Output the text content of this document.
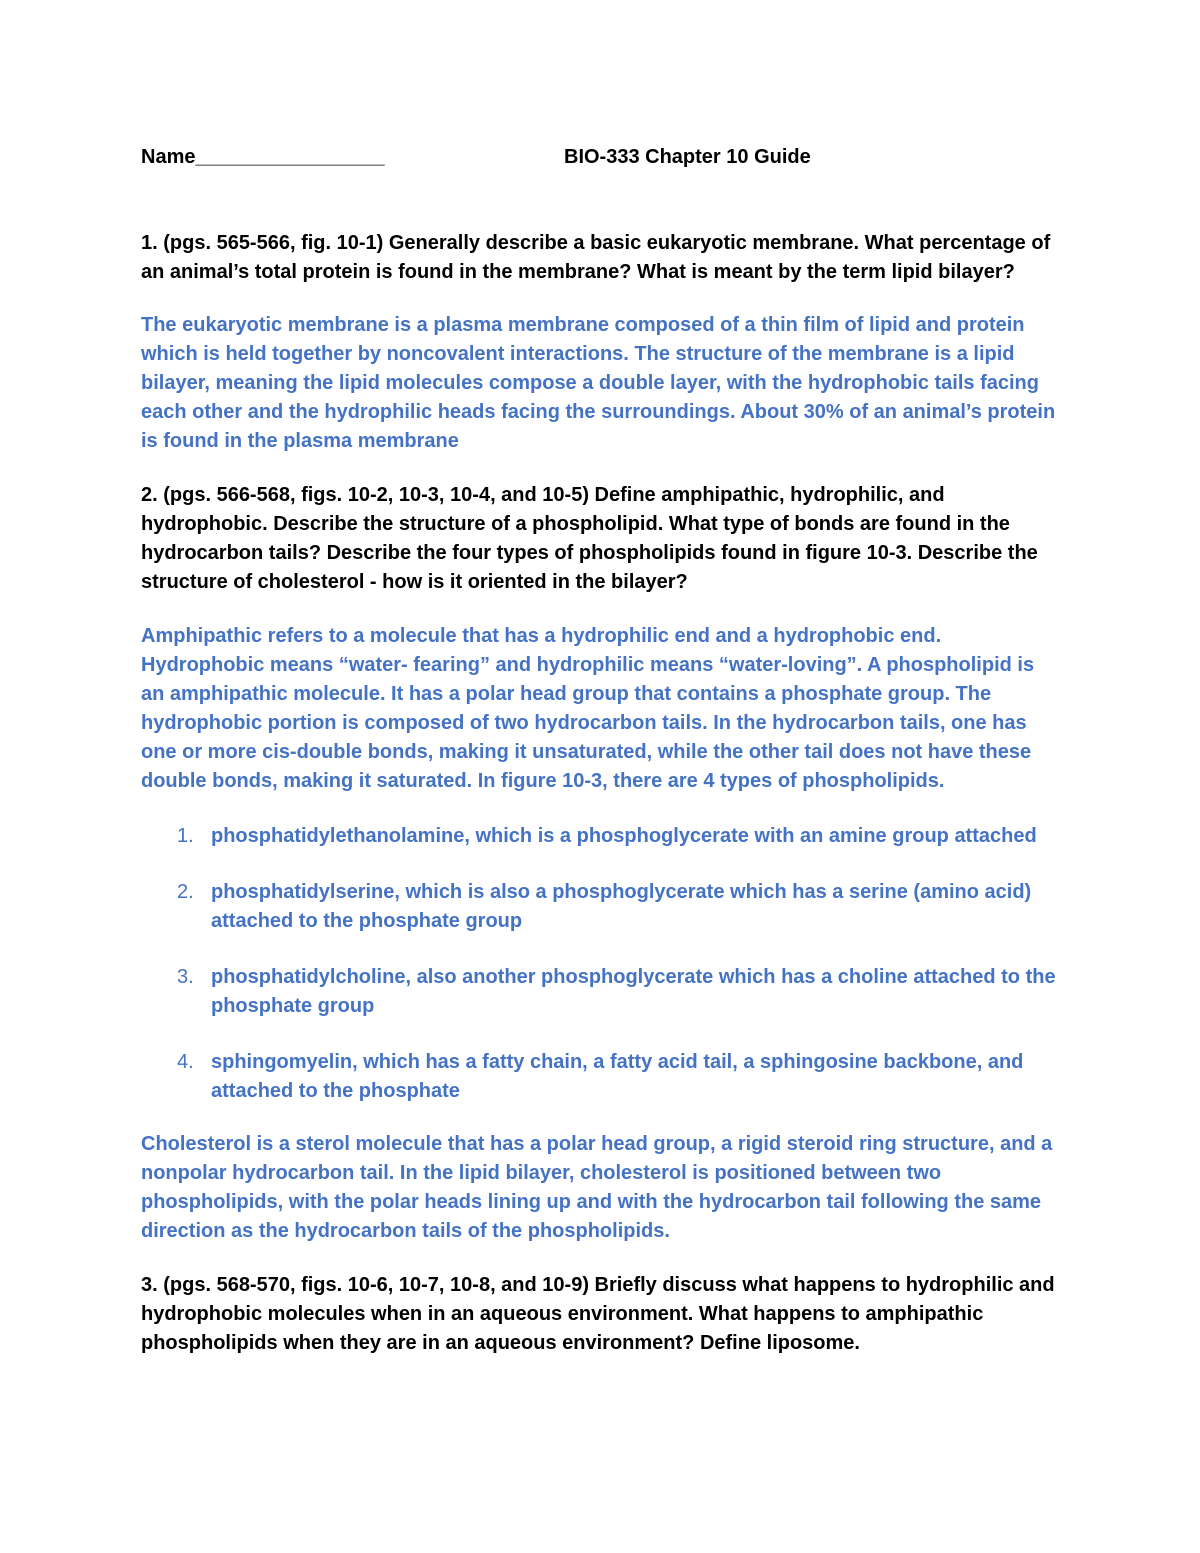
Name_________________	BIO-333 Chapter 10 Guide

1. (pgs. 565-566, fig. 10-1) Generally describe a basic eukaryotic membrane. What percentage of an animal’s total protein is found in the membrane? What is meant by the term lipid bilayer?

The eukaryotic membrane is a plasma membrane composed of a thin film of lipid and protein which is held together by noncovalent interactions. The structure of the membrane is a lipid bilayer, meaning the lipid molecules compose a double layer, with the hydrophobic tails facing each other and the hydrophilic heads facing the surroundings. About 30% of an animal’s protein is found in the plasma membrane

2. (pgs. 566-568, figs. 10-2, 10-3, 10-4, and 10-5) Define amphipathic, hydrophilic, and hydrophobic. Describe the structure of a phospholipid. What type of bonds are found in the hydrocarbon tails? Describe the four types of phospholipids found in figure 10-3. Describe the structure of cholesterol - how is it oriented in the bilayer?

Amphipathic refers to a molecule that has a hydrophilic end and a hydrophobic end. Hydrophobic means “water- fearing” and hydrophilic means “water-loving”. A phospholipid is an amphipathic molecule. It has a polar head group that contains a phosphate group. The hydrophobic portion is composed of two hydrocarbon tails. In the hydrocarbon tails, one has one or more cis-double bonds, making it unsaturated, while the other tail does not have these double bonds, making it saturated. In figure 10-3, there are 4 types of phospholipids.

1. phosphatidylethanolamine, which is a phosphoglycerate with an amine group attached
2. phosphatidylserine, which is also a phosphoglycerate which has a serine (amino acid) attached to the phosphate group
3. phosphatidylcholine, also another phosphoglycerate which has a choline attached to the phosphate group
4. sphingomyelin, which has a fatty chain, a fatty acid tail, a sphingosine backbone, and attached to the phosphate

Cholesterol is a sterol molecule that has a polar head group, a rigid steroid ring structure, and a nonpolar hydrocarbon tail. In the lipid bilayer, cholesterol is positioned between two phospholipids, with the polar heads lining up and with the hydrocarbon tail following the same direction as the hydrocarbon tails of the phospholipids.

3. (pgs. 568-570, figs. 10-6, 10-7, 10-8, and 10-9) Briefly discuss what happens to hydrophilic and hydrophobic molecules when in an aqueous environment. What happens to amphipathic phospholipids when they are in an aqueous environment? Define liposome.
